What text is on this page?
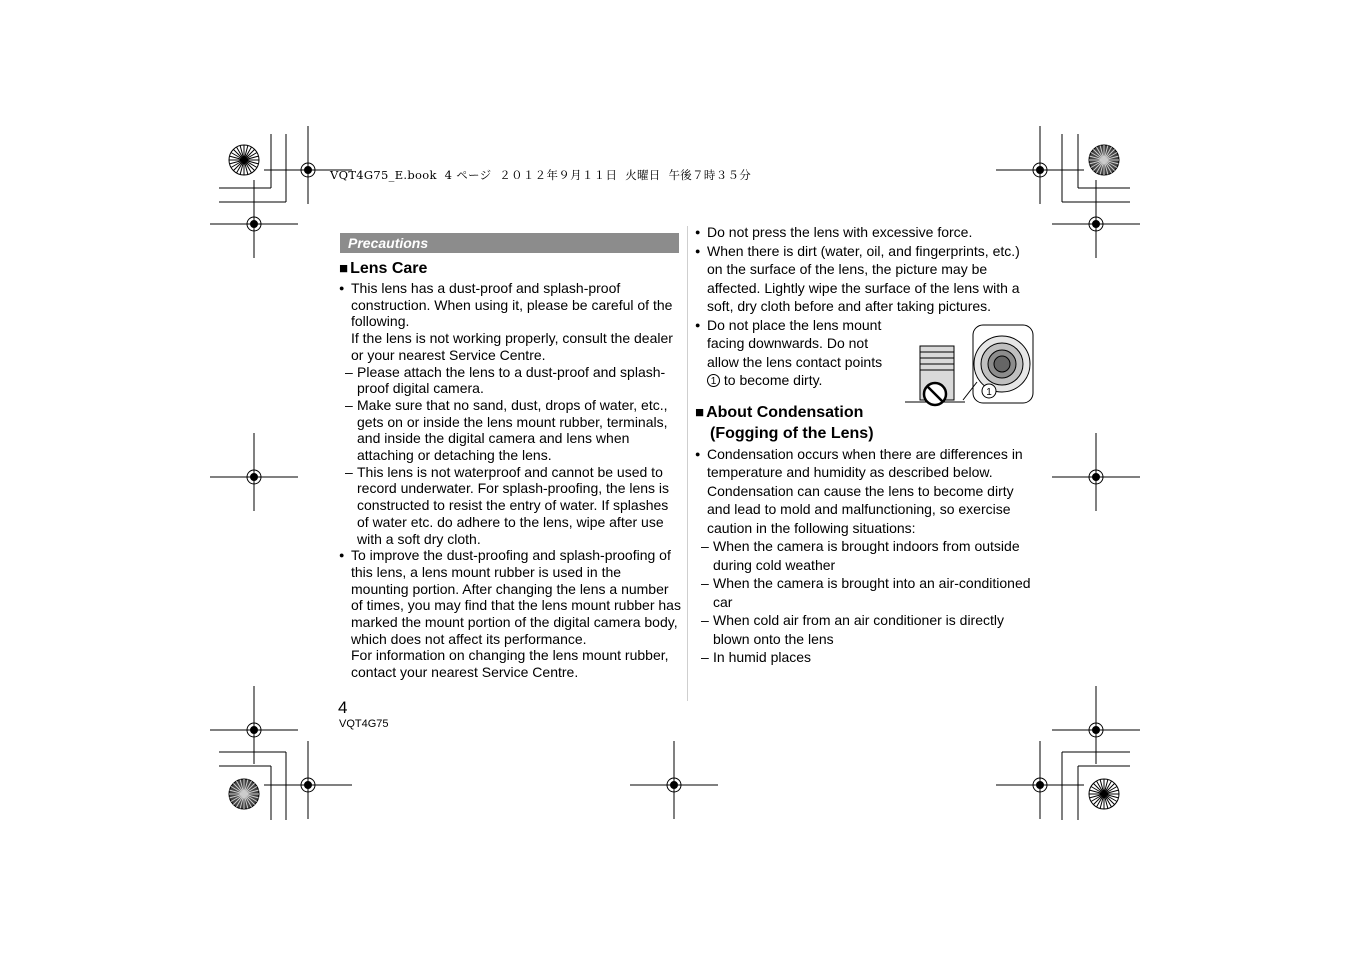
VQT4G75_E.book  4 ページ  ２０１２年９月１１日  火曜日  午後７時３５分
Precautions
■ Lens Care
● This lens has a dust-proof and splash-proof construction. When using it, please be careful of the following.
If the lens is not working properly, consult the dealer or your nearest Service Centre.
– Please attach the lens to a dust-proof and splash-proof digital camera.
– Make sure that no sand, dust, drops of water, etc., gets on or inside the lens mount rubber, terminals, and inside the digital camera and lens when attaching or detaching the lens.
– This lens is not waterproof and cannot be used to record underwater. For splash-proofing, the lens is constructed to resist the entry of water. If splashes of water etc. do adhere to the lens, wipe after use with a soft dry cloth.
● To improve the dust-proofing and splash-proofing of this lens, a lens mount rubber is used in the mounting portion. After changing the lens a number of times, you may find that the lens mount rubber has marked the mount portion of the digital camera body, which does not affect its performance.
For information on changing the lens mount rubber, contact your nearest Service Centre.
● Do not press the lens with excessive force.
● When there is dirt (water, oil, and fingerprints, etc.) on the surface of the lens, the picture may be affected. Lightly wipe the surface of the lens with a soft, dry cloth before and after taking pictures.
● Do not place the lens mount
facing downwards. Do not
allow the lens contact points
1 to become dirty.
■ About Condensation
(Fogging of the Lens)
● Condensation occurs when there are differences in temperature and humidity as described below. Condensation can cause the lens to become dirty and lead to mold and malfunctioning, so exercise caution in the following situations:
– When the camera is brought indoors from outside during cold weather
– When the camera is brought into an air-conditioned car
– When cold air from an air conditioner is directly blown onto the lens
– In humid places
1
4
VQT4G75
